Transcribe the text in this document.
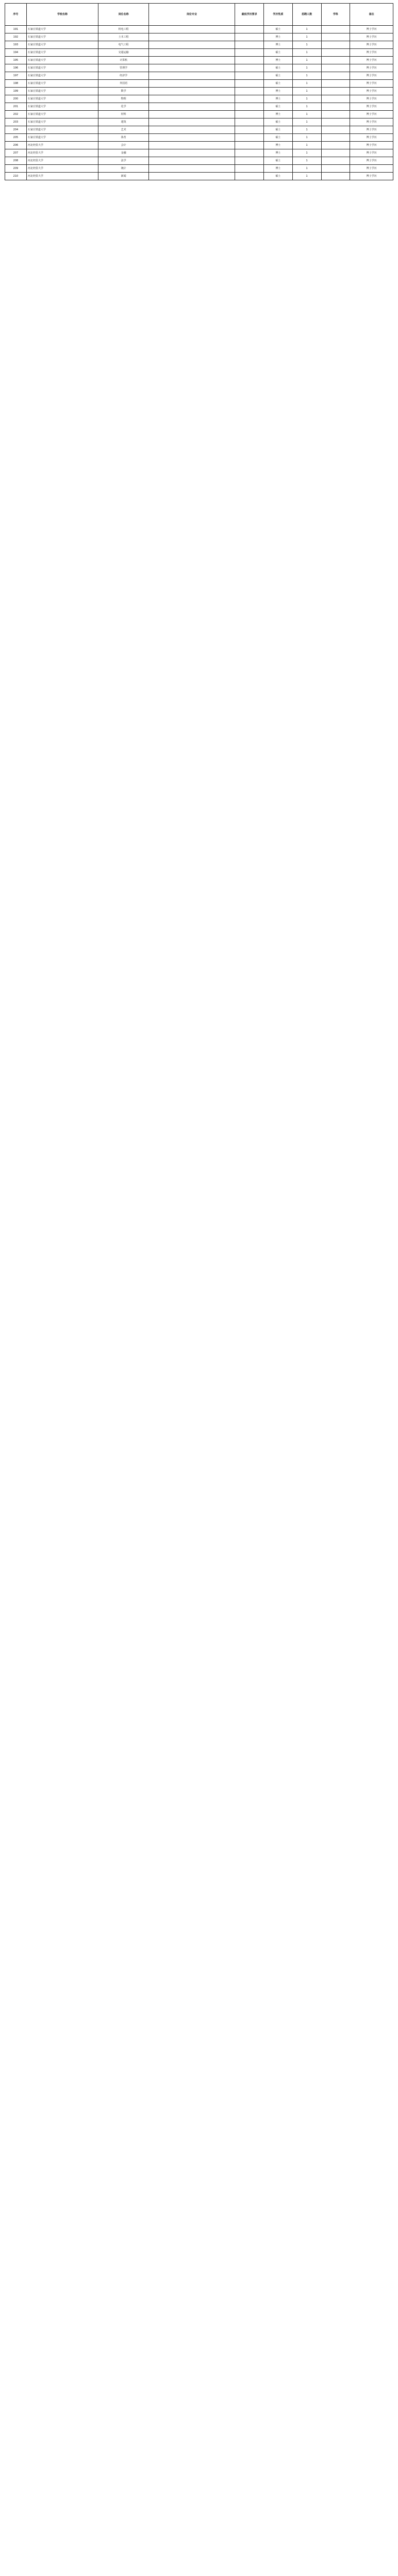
序号	学校名称	岗位名称	岗位专业	最低学历要求	学历性质	招聘人数	学科	备注
191	石家庄铁道大学	机电工程			硕士	1		博士学历
192	石家庄铁道大学	土木工程			博士	1		博士学历
193	石家庄铁道大学	电气工程			博士	1		博士学历
194	石家庄铁道大学	交通运输			硕士	1		博士学历
195	石家庄铁道大学	计算机			博士	1		博士学历
196	石家庄铁道大学	管理学			硕士	1		博士学历
197	石家庄铁道大学	经济学			硕士	1		博士学历
198	石家庄铁道大学	外国语			硕士	1		博士学历
199	石家庄铁道大学	数学			博士	1		博士学历
200	石家庄铁道大学	物理			博士	1		博士学历
201	石家庄铁道大学	化学			硕士	1		博士学历
202	石家庄铁道大学	材料			博士	1		博士学历
203	石家庄铁道大学	建筑			硕士	1		博士学历
204	石家庄铁道大学	艺术			硕士	1		博士学历
205	石家庄铁道大学	体育			硕士	1		博士学历
206	河北经贸大学	会计			博士	1		博士学历
207	河北经贸大学	金融			博士	1		博士学历
208	河北经贸大学	法学			硕士	1		博士学历
209	河北经贸大学	统计			博士	1		博士学历
210	河北经贸大学	新闻			硕士	1		博士学历
